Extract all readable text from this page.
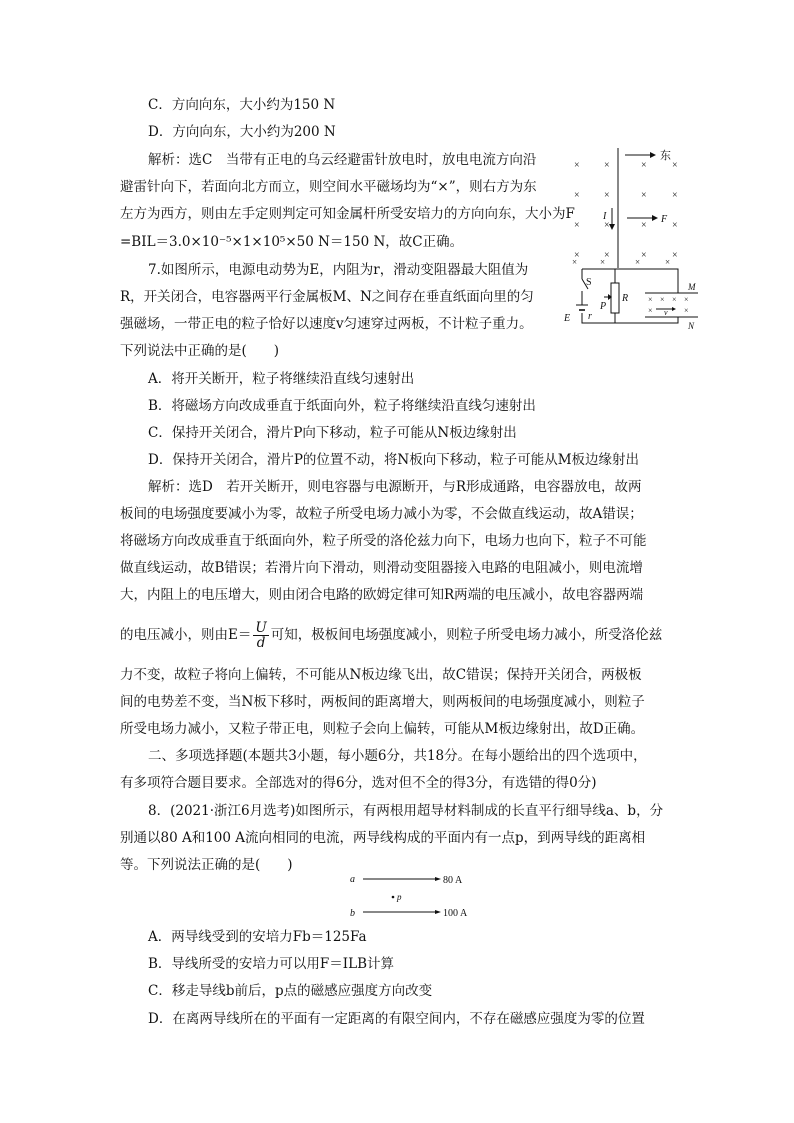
C．方向向东，大小约为150 N
D．方向向东，大小约为200 N
解析：选C　当带有正电的乌云经避雷针放电时，放电电流方向沿
避雷针向下，若面向北方而立，则空间水平磁场均为“×”，则右方为东
左方为西方，则由左手定则判定可知金属杆所受安培力的方向向东，大小为F
=BIL＝3.0×10⁻⁵×1×10⁵×50 N＝150 N，故C正确。
东
× ×	×	×
× ×	×	×
× ×	×	×
× ×	×	×
I	F
7.如图所示，电源电动势为E，内阻为r，滑动变阻器最大阻值为
R，开关闭合，电容器两平行金属板M、N之间存在垂直纸面向里的匀
强磁场，一带正电的粒子恰好以速度v匀速穿过两板，不计粒子重力。
下列说法中正确的是(　　)
×	×	×	×
R
P
S
E r
M
N
× × × ×
×	×
v
A．将开关断开，粒子将继续沿直线匀速射出
B．将磁场方向改成垂直于纸面向外，粒子将继续沿直线匀速射出
C．保持开关闭合，滑片P向下移动，粒子可能从N板边缘射出
D．保持开关闭合，滑片P的位置不动，将N板向下移动，粒子可能从M板边缘射出
解析：选D　若开关断开，则电容器与电源断开，与R形成通路，电容器放电，故两
板间的电场强度要减小为零，故粒子所受电场力减小为零，不会做直线运动，故A错误；
将磁场方向改成垂直于纸面向外，粒子所受的洛伦兹力向下，电场力也向下，粒子不可能
做直线运动，故B错误；若滑片向下滑动，则滑动变阻器接入电路的电阻减小，则电流增
大，内阻上的电压增大，则由闭合电路的欧姆定律可知R两端的电压减小，故电容器两端
的电压减小，则由$E= \frac{U}{d}$ 可知，极板间电场强度减小，则粒子所受电场力减小，所受洛伦兹
力不变，故粒子将向上偏转，不可能从N板边缘飞出，故C错误；保持开关闭合，两极板
间的电势差不变，当N板下移时，两板间的距离增大，则两板间的电场强度减小，则粒子
所受电场力减小，又粒子带正电，则粒子会向上偏转，可能从M板边缘射出，故D正确。
二、多项选择题(本题共3小题，每小题6分，共18分。在每小题给出的四个选项中，
有多项符合题目要求。全部选对的得6分，选对但不全的得3分，有选错的得0分)
8．(2021·浙江6月选考)如图所示，有两根用超导材料制成的长直平行细导线a、b，分
别通以80 A和100 A流向相同的电流，两导线构成的平面内有一点p，到两导线的距离相
等。下列说法正确的是(　　)
a	80 A
p
b	100 A
A．两导线受到的安培力Fb＝125Fa
B．导线所受的安培力可以用F＝ILB计算
C．移走导线b前后，p点的磁感应强度方向改变
D．在离两导线所在的平面有一定距离的有限空间内，不存在磁感应强度为零的位置
